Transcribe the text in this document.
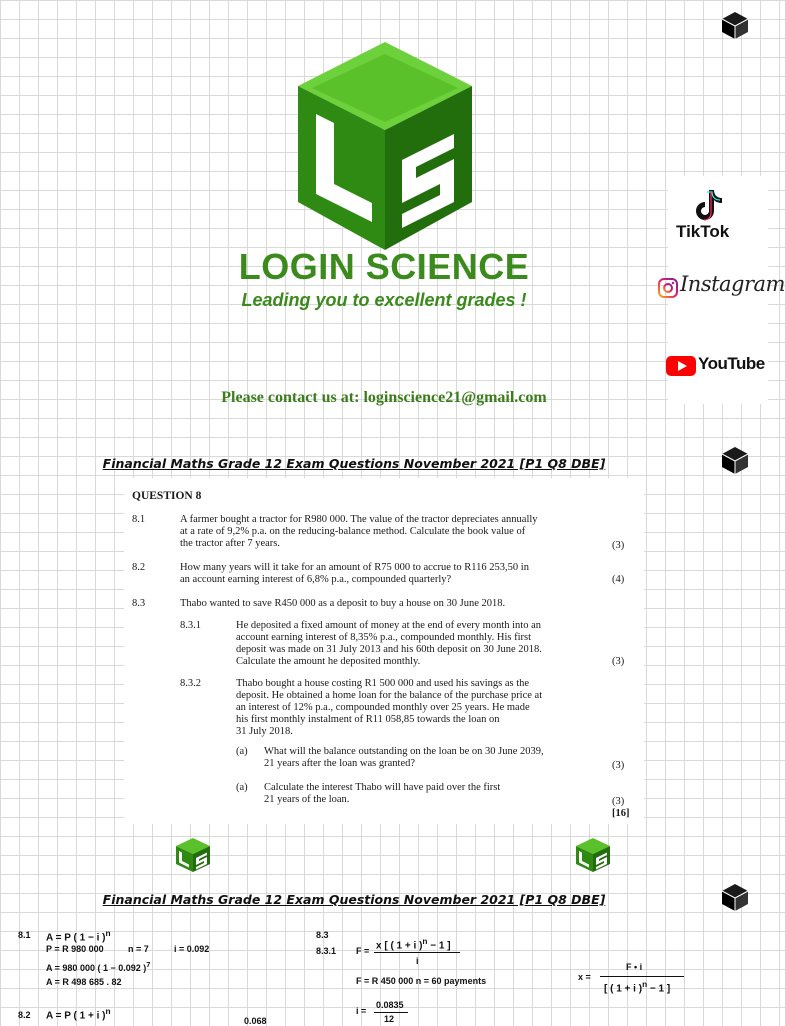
LOGIN SCIENCE
Leading you to excellent grades !
Please contact us at: loginscience21@gmail.com
TikTok
Instagram
YouTube
Financial Maths Grade 12 Exam Questions November 2021 [P1 Q8 DBE]
Financial Maths Grade 12 Exam Questions November 2021 [P1 Q8 DBE]
QUESTION 8
8.1	A farmer bought a tractor for R980 000. The value of the tractor depreciates annually
at a rate of 9,2% p.a. on the reducing-balance method. Calculate the book value of
the tractor after 7 years.	(3)
8.2	How many years will it take for an amount of R75 000 to accrue to R116 253,50 in
an account earning interest of 6,8% p.a., compounded quarterly?	(4)
8.3	Thabo wanted to save R450 000 as a deposit to buy a house on 30 June 2018.
8.3.1	He deposited a fixed amount of money at the end of every month into an
account earning interest of 8,35% p.a., compounded monthly. His first
deposit was made on 31 July 2013 and his 60th deposit on 30 June 2018.
Calculate the amount he deposited monthly.	(3)
8.3.2	Thabo bought a house costing R1 500 000 and used his savings as the
deposit. He obtained a home loan for the balance of the purchase price at
an interest of 12% p.a., compounded monthly over 25 years. He made
his first monthly instalment of R11 058,85 towards the loan on
31 July 2018.
(a) What will the balance outstanding on the loan be on 30 June 2039,
21 years after the loan was granted?	(3)
(a) Calculate the interest Thabo will have paid over the first
21 years of the loan.	(3)
[16]
8.1 A = P ( 1 − i )$^n$
P = R 980 000	n = 7	i = 0.092
A = 980 000 ( 1 − 0.092 )$^7$
A = R 498 685 . 82
8.2 A = P ( 1 + i )$^n$
0.068
8.3
8.3.1 F = x [ ( 1 + i )$^n$ − 1 ]
i
F = R 450 000 n = 60 payments
i =
0.0835
12
x =
F • i
[ ( 1 + i )$^n$ − 1 ]
